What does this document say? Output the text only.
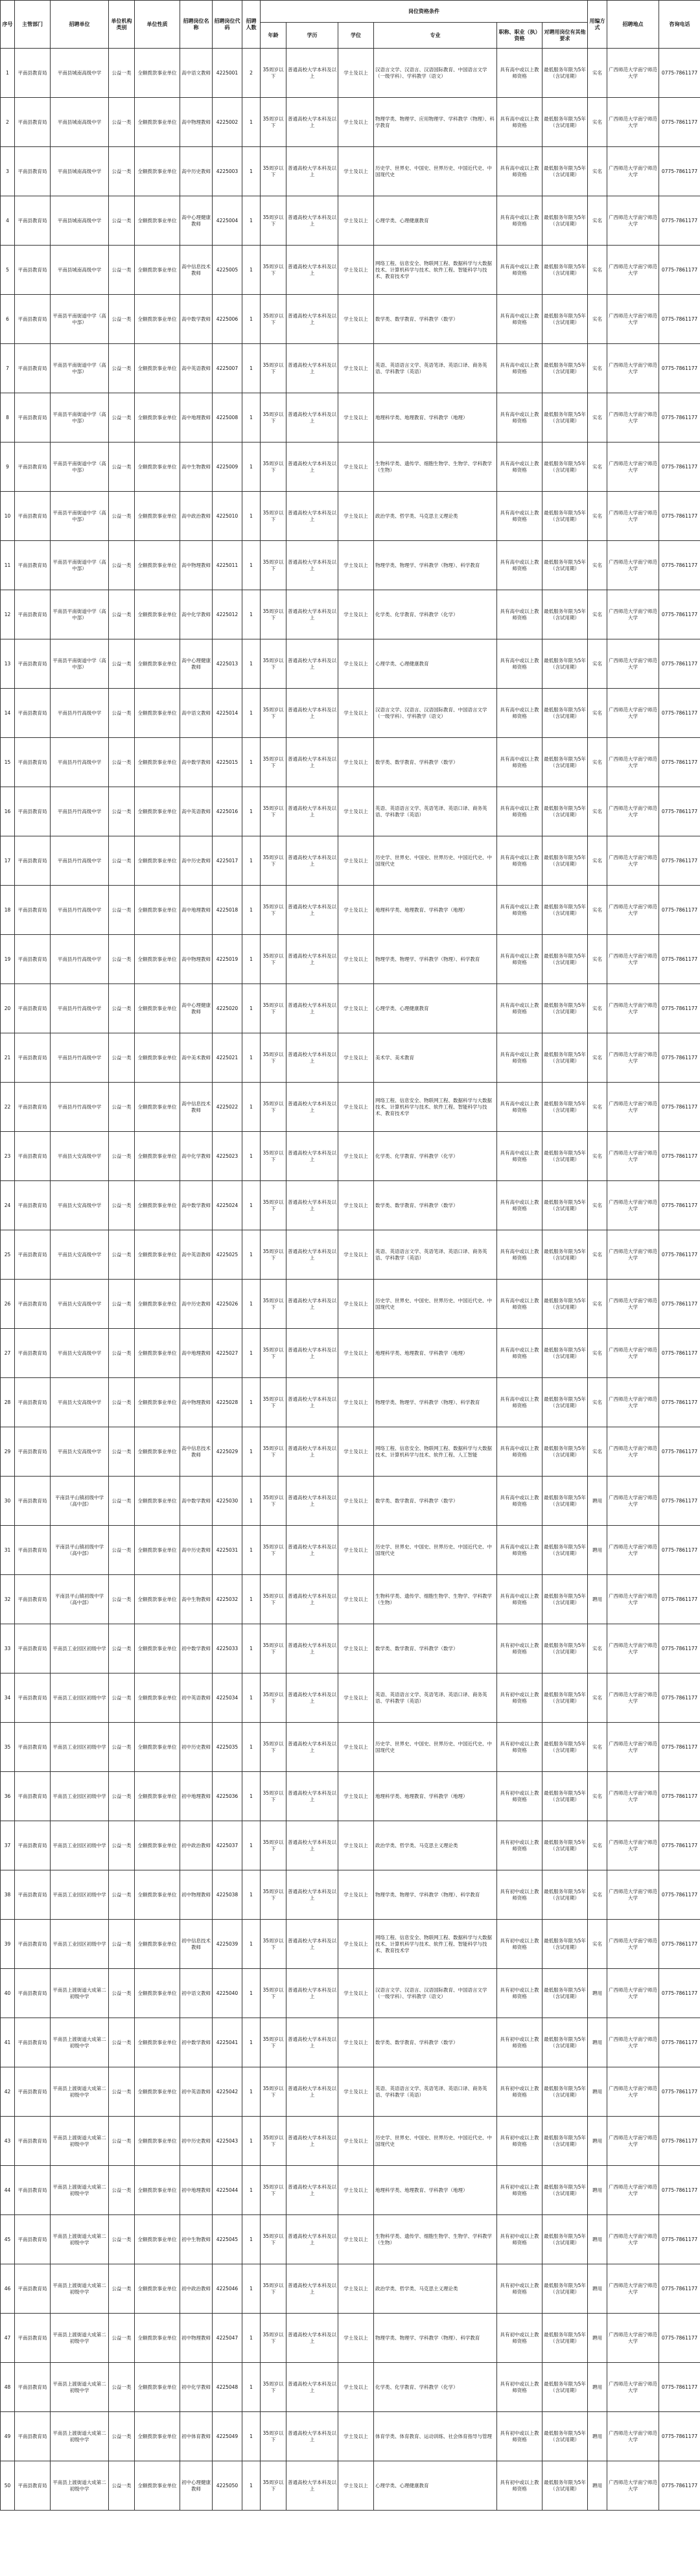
序号	主管部门	招聘单位	单位机构类别	单位性质	招聘岗位名称	招聘岗位代码	招聘人数	岗位资格条件						用编方式	招聘地点	咨询电话
								年龄	学历	学位	专业	职称、职业（执）资格	对聘用岗位有其他要求			
1	平南县教育局	平南县城南高级中学	公益一类	全额拨款事业单位	高中语文教师	4225001	2	35周岁以下	普通高校大学本科及以上	学士及以上	汉语言文学、汉语言、汉语国际教育、中国语言文学（一级学科）、学科教学（语文）	具有高中或以上教师资格	最低服务年限为5年（含试用期）	实名	广西师范大学南宁师范大学	0775-7861177
2	平南县教育局	平南县城南高级中学	公益一类	全额拨款事业单位	高中物理教师	4225002	1	35周岁以下	普通高校大学本科及以上	学士及以上	物理学类、物理学、应用物理学、学科教学（物理）、科学教育	具有高中或以上教师资格	最低服务年限为5年（含试用期）	实名	广西师范大学南宁师范大学	0775-7861177
3	平南县教育局	平南县城南高级中学	公益一类	全额拨款事业单位	高中历史教师	4225003	1	35周岁以下	普通高校大学本科及以上	学士及以上	历史学、世界史、中国史、世界历史、中国近代史、中国现代史	具有高中或以上教师资格	最低服务年限为5年（含试用期）	实名	广西师范大学南宁师范大学	0775-7861177
4	平南县教育局	平南县城南高级中学	公益一类	全额拨款事业单位	高中心理健康教师	4225004	1	35周岁以下	普通高校大学本科及以上	学士及以上	心理学类、心理健康教育	具有高中或以上教师资格	最低服务年限为5年（含试用期）	实名	广西师范大学南宁师范大学	0775-7861177
5	平南县教育局	平南县城南高级中学	公益一类	全额拨款事业单位	高中信息技术教师	4225005	1	35周岁以下	普通高校大学本科及以上	学士及以上	网络工程、信息安全、物联网工程、数据科学与大数据技术、计算机科学与技术、软件工程、智能科学与技术、教育技术学	具有高中或以上教师资格	最低服务年限为5年（含试用期）	实名	广西师范大学南宁师范大学	0775-7861177
6	平南县教育局	平南县平南街道中学（高中部）	公益一类	全额拨款事业单位	高中数学教师	4225006	1	35周岁以下	普通高校大学本科及以上	学士及以上	数学类、数学教育、学科教学（数学）	具有高中或以上教师资格	最低服务年限为5年（含试用期）	实名	广西师范大学南宁师范大学	0775-7861177
7	平南县教育局	平南县平南街道中学（高中部）	公益一类	全额拨款事业单位	高中英语教师	4225007	1	35周岁以下	普通高校大学本科及以上	学士及以上	英语、英语语言文学、英语笔译、英语口译、商务英语、学科教学（英语）	具有高中或以上教师资格	最低服务年限为5年（含试用期）	实名	广西师范大学南宁师范大学	0775-7861177
8	平南县教育局	平南县平南街道中学（高中部）	公益一类	全额拨款事业单位	高中地理教师	4225008	1	35周岁以下	普通高校大学本科及以上	学士及以上	地理科学类、地理教育、学科教学（地理）	具有高中或以上教师资格	最低服务年限为5年（含试用期）	实名	广西师范大学南宁师范大学	0775-7861177
9	平南县教育局	平南县平南街道中学（高中部）	公益一类	全额拨款事业单位	高中生物教师	4225009	1	35周岁以下	普通高校大学本科及以上	学士及以上	生物科学类、遗传学、细胞生物学、生物学、学科教学（生物）	具有高中或以上教师资格	最低服务年限为5年（含试用期）	实名	广西师范大学南宁师范大学	0775-7861177
10	平南县教育局	平南县平南街道中学（高中部）	公益一类	全额拨款事业单位	高中政治教师	4225010	1	35周岁以下	普通高校大学本科及以上	学士及以上	政治学类、哲学类、马克思主义理论类	具有高中或以上教师资格	最低服务年限为5年（含试用期）	实名	广西师范大学南宁师范大学	0775-7861177
11	平南县教育局	平南县平南街道中学（高中部）	公益一类	全额拨款事业单位	高中物理教师	4225011	1	35周岁以下	普通高校大学本科及以上	学士及以上	物理学类、物理学、学科教学（物理）、科学教育	具有高中或以上教师资格	最低服务年限为5年（含试用期）	实名	广西师范大学南宁师范大学	0775-7861177
12	平南县教育局	平南县平南街道中学（高中部）	公益一类	全额拨款事业单位	高中化学教师	4225012	1	35周岁以下	普通高校大学本科及以上	学士及以上	化学类、化学教育、学科教学（化学）	具有高中或以上教师资格	最低服务年限为5年（含试用期）	实名	广西师范大学南宁师范大学	0775-7861177
13	平南县教育局	平南县平南街道中学（高中部）	公益一类	全额拨款事业单位	高中心理健康教师	4225013	1	35周岁以下	普通高校大学本科及以上	学士及以上	心理学类、心理健康教育	具有高中或以上教师资格	最低服务年限为5年（含试用期）	实名	广西师范大学南宁师范大学	0775-7861177
14	平南县教育局	平南县丹竹高级中学	公益一类	全额拨款事业单位	高中语文教师	4225014	1	35周岁以下	普通高校大学本科及以上	学士及以上	汉语言文学、汉语言、汉语国际教育、中国语言文学（一级学科）、学科教学（语文）	具有高中或以上教师资格	最低服务年限为5年（含试用期）	实名	广西师范大学南宁师范大学	0775-7861177
15	平南县教育局	平南县丹竹高级中学	公益一类	全额拨款事业单位	高中数学教师	4225015	1	35周岁以下	普通高校大学本科及以上	学士及以上	数学类、数学教育、学科教学（数学）	具有高中或以上教师资格	最低服务年限为5年（含试用期）	实名	广西师范大学南宁师范大学	0775-7861177
16	平南县教育局	平南县丹竹高级中学	公益一类	全额拨款事业单位	高中英语教师	4225016	1	35周岁以下	普通高校大学本科及以上	学士及以上	英语、英语语言文学、英语笔译、英语口译、商务英语、学科教学（英语）	具有高中或以上教师资格	最低服务年限为5年（含试用期）	实名	广西师范大学南宁师范大学	0775-7861177
17	平南县教育局	平南县丹竹高级中学	公益一类	全额拨款事业单位	高中历史教师	4225017	1	35周岁以下	普通高校大学本科及以上	学士及以上	历史学、世界史、中国史、世界历史、中国近代史、中国现代史	具有高中或以上教师资格	最低服务年限为5年（含试用期）	实名	广西师范大学南宁师范大学	0775-7861177
18	平南县教育局	平南县丹竹高级中学	公益一类	全额拨款事业单位	高中地理教师	4225018	1	35周岁以下	普通高校大学本科及以上	学士及以上	地理科学类、地理教育、学科教学（地理）	具有高中或以上教师资格	最低服务年限为5年（含试用期）	实名	广西师范大学南宁师范大学	0775-7861177
19	平南县教育局	平南县丹竹高级中学	公益一类	全额拨款事业单位	高中物理教师	4225019	1	35周岁以下	普通高校大学本科及以上	学士及以上	物理学类、物理学、学科教学（物理）、科学教育	具有高中或以上教师资格	最低服务年限为5年（含试用期）	实名	广西师范大学南宁师范大学	0775-7861177
20	平南县教育局	平南县丹竹高级中学	公益一类	全额拨款事业单位	高中心理健康教师	4225020	1	35周岁以下	普通高校大学本科及以上	学士及以上	心理学类、心理健康教育	具有高中或以上教师资格	最低服务年限为5年（含试用期）	实名	广西师范大学南宁师范大学	0775-7861177
21	平南县教育局	平南县丹竹高级中学	公益一类	全额拨款事业单位	高中美术教师	4225021	1	35周岁以下	普通高校大学本科及以上	学士及以上	美术学、美术教育	具有高中或以上教师资格	最低服务年限为5年（含试用期）	实名	广西师范大学南宁师范大学	0775-7861177
22	平南县教育局	平南县丹竹高级中学	公益一类	全额拨款事业单位	高中信息技术教师	4225022	1	35周岁以下	普通高校大学本科及以上	学士及以上	网络工程、信息安全、物联网工程、数据科学与大数据技术、计算机科学与技术、软件工程、智能科学与技术、教育技术学	具有高中或以上教师资格	最低服务年限为5年（含试用期）	实名	广西师范大学南宁师范大学	0775-7861177
23	平南县教育局	平南县大安高级中学	公益一类	全额拨款事业单位	高中化学教师	4225023	1	35周岁以下	普通高校大学本科及以上	学士及以上	化学类、化学教育、学科教学（化学）	具有高中或以上教师资格	最低服务年限为5年（含试用期）	实名	广西师范大学南宁师范大学	0775-7861177
24	平南县教育局	平南县大安高级中学	公益一类	全额拨款事业单位	高中数学教师	4225024	1	35周岁以下	普通高校大学本科及以上	学士及以上	数学类、数学教育、学科教学（数学）	具有高中或以上教师资格	最低服务年限为5年（含试用期）	实名	广西师范大学南宁师范大学	0775-7861177
25	平南县教育局	平南县大安高级中学	公益一类	全额拨款事业单位	高中英语教师	4225025	1	35周岁以下	普通高校大学本科及以上	学士及以上	英语、英语语言文学、英语笔译、英语口译、商务英语、学科教学（英语）	具有高中或以上教师资格	最低服务年限为5年（含试用期）	实名	广西师范大学南宁师范大学	0775-7861177
26	平南县教育局	平南县大安高级中学	公益一类	全额拨款事业单位	高中历史教师	4225026	1	35周岁以下	普通高校大学本科及以上	学士及以上	历史学、世界史、中国史、世界历史、中国近代史、中国现代史	具有高中或以上教师资格	最低服务年限为5年（含试用期）	实名	广西师范大学南宁师范大学	0775-7861177
27	平南县教育局	平南县大安高级中学	公益一类	全额拨款事业单位	高中地理教师	4225027	1	35周岁以下	普通高校大学本科及以上	学士及以上	地理科学类、地理教育、学科教学（地理）	具有高中或以上教师资格	最低服务年限为5年（含试用期）	实名	广西师范大学南宁师范大学	0775-7861177
28	平南县教育局	平南县大安高级中学	公益一类	全额拨款事业单位	高中物理教师	4225028	1	35周岁以下	普通高校大学本科及以上	学士及以上	物理学类、物理学、学科教学（物理）、科学教育	具有高中或以上教师资格	最低服务年限为5年（含试用期）	实名	广西师范大学南宁师范大学	0775-7861177
29	平南县教育局	平南县大安高级中学	公益一类	全额拨款事业单位	高中信息技术教师	4225029	1	35周岁以下	普通高校大学本科及以上	学士及以上	网络工程、信息安全、物联网工程、数据科学与大数据技术、计算机科学与技术、软件工程、人工智能	具有高中或以上教师资格	最低服务年限为5年（含试用期）	实名	广西师范大学南宁师范大学	0775-7861177
30	平南县教育局	平南县平山镇初级中学（高中部）	公益一类	全额拨款事业单位	高中数学教师	4225030	1	35周岁以下	普通高校大学本科及以上	学士及以上	数学类、数学教育、学科教学（数学）	具有高中或以上教师资格	最低服务年限为5年（含试用期）	聘用	广西师范大学南宁师范大学	0775-7861177
31	平南县教育局	平南县平山镇初级中学（高中部）	公益一类	全额拨款事业单位	高中历史教师	4225031	1	35周岁以下	普通高校大学本科及以上	学士及以上	历史学、世界史、中国史、世界历史、中国近代史、中国现代史	具有高中或以上教师资格	最低服务年限为5年（含试用期）	聘用	广西师范大学南宁师范大学	0775-7861177
32	平南县教育局	平南县平山镇初级中学（高中部）	公益一类	全额拨款事业单位	高中生物教师	4225032	1	35周岁以下	普通高校大学本科及以上	学士及以上	生物科学类、遗传学、细胞生物学、生物学、学科教学（生物）	具有高中或以上教师资格	最低服务年限为5年（含试用期）	聘用	广西师范大学南宁师范大学	0775-7861177
33	平南县教育局	平南县工业园区初级中学	公益一类	全额拨款事业单位	初中数学教师	4225033	1	35周岁以下	普通高校大学本科及以上	学士及以上	数学类、数学教育、学科教学（数学）	具有初中或以上教师资格	最低服务年限为5年（含试用期）	实名	广西师范大学南宁师范大学	0775-7861177
34	平南县教育局	平南县工业园区初级中学	公益一类	全额拨款事业单位	初中英语教师	4225034	1	35周岁以下	普通高校大学本科及以上	学士及以上	英语、英语语言文学、英语笔译、英语口译、商务英语、学科教学（英语）	具有初中或以上教师资格	最低服务年限为5年（含试用期）	实名	广西师范大学南宁师范大学	0775-7861177
35	平南县教育局	平南县工业园区初级中学	公益一类	全额拨款事业单位	初中历史教师	4225035	1	35周岁以下	普通高校大学本科及以上	学士及以上	历史学、世界史、中国史、世界历史、中国近代史、中国现代史	具有初中或以上教师资格	最低服务年限为5年（含试用期）	实名	广西师范大学南宁师范大学	0775-7861177
36	平南县教育局	平南县工业园区初级中学	公益一类	全额拨款事业单位	初中地理教师	4225036	1	35周岁以下	普通高校大学本科及以上	学士及以上	地理科学类、地理教育、学科教学（地理）	具有初中或以上教师资格	最低服务年限为5年（含试用期）	实名	广西师范大学南宁师范大学	0775-7861177
37	平南县教育局	平南县工业园区初级中学	公益一类	全额拨款事业单位	初中政治教师	4225037	1	35周岁以下	普通高校大学本科及以上	学士及以上	政治学类、哲学类、马克思主义理论类	具有初中或以上教师资格	最低服务年限为5年（含试用期）	实名	广西师范大学南宁师范大学	0775-7861177
38	平南县教育局	平南县工业园区初级中学	公益一类	全额拨款事业单位	初中物理教师	4225038	1	35周岁以下	普通高校大学本科及以上	学士及以上	物理学类、物理学、学科教学（物理）、科学教育	具有初中或以上教师资格	最低服务年限为5年（含试用期）	实名	广西师范大学南宁师范大学	0775-7861177
39	平南县教育局	平南县工业园区初级中学	公益一类	全额拨款事业单位	初中信息技术教师	4225039	1	35周岁以下	普通高校大学本科及以上	学士及以上	网络工程、信息安全、物联网工程、数据科学与大数据技术、计算机科学与技术、软件工程、智能科学与技术、教育技术学	具有初中或以上教师资格	最低服务年限为5年（含试用期）	实名	广西师范大学南宁师范大学	0775-7861177
40	平南县教育局	平南县上渡街道大成第二初级中学	公益一类	全额拨款事业单位	初中语文教师	4225040	1	35周岁以下	普通高校大学本科及以上	学士及以上	汉语言文学、汉语言、汉语国际教育、中国语言文学（一级学科）、学科教学（语文）	具有初中或以上教师资格	最低服务年限为5年（含试用期）	聘用	广西师范大学南宁师范大学	0775-7861177
41	平南县教育局	平南县上渡街道大成第二初级中学	公益一类	全额拨款事业单位	初中数学教师	4225041	1	35周岁以下	普通高校大学本科及以上	学士及以上	数学类、数学教育、学科教学（数学）	具有初中或以上教师资格	最低服务年限为5年（含试用期）	聘用	广西师范大学南宁师范大学	0775-7861177
42	平南县教育局	平南县上渡街道大成第二初级中学	公益一类	全额拨款事业单位	初中英语教师	4225042	1	35周岁以下	普通高校大学本科及以上	学士及以上	英语、英语语言文学、英语笔译、英语口译、商务英语、学科教学（英语）	具有初中或以上教师资格	最低服务年限为5年（含试用期）	聘用	广西师范大学南宁师范大学	0775-7861177
43	平南县教育局	平南县上渡街道大成第二初级中学	公益一类	全额拨款事业单位	初中历史教师	4225043	1	35周岁以下	普通高校大学本科及以上	学士及以上	历史学、世界史、中国史、世界历史、中国近代史、中国现代史	具有初中或以上教师资格	最低服务年限为5年（含试用期）	聘用	广西师范大学南宁师范大学	0775-7861177
44	平南县教育局	平南县上渡街道大成第二初级中学	公益一类	全额拨款事业单位	初中地理教师	4225044	1	35周岁以下	普通高校大学本科及以上	学士及以上	地理科学类、地理教育、学科教学（地理）	具有初中或以上教师资格	最低服务年限为5年（含试用期）	聘用	广西师范大学南宁师范大学	0775-7861177
45	平南县教育局	平南县上渡街道大成第二初级中学	公益一类	全额拨款事业单位	初中生物教师	4225045	1	35周岁以下	普通高校大学本科及以上	学士及以上	生物科学类、遗传学、细胞生物学、生物学、学科教学（生物）	具有初中或以上教师资格	最低服务年限为5年（含试用期）	聘用	广西师范大学南宁师范大学	0775-7861177
46	平南县教育局	平南县上渡街道大成第二初级中学	公益一类	全额拨款事业单位	初中政治教师	4225046	1	35周岁以下	普通高校大学本科及以上	学士及以上	政治学类、哲学类、马克思主义理论类	具有初中或以上教师资格	最低服务年限为5年（含试用期）	聘用	广西师范大学南宁师范大学	0775-7861177
47	平南县教育局	平南县上渡街道大成第二初级中学	公益一类	全额拨款事业单位	初中物理教师	4225047	1	35周岁以下	普通高校大学本科及以上	学士及以上	物理学类、物理学、学科教学（物理）、科学教育	具有初中或以上教师资格	最低服务年限为5年（含试用期）	聘用	广西师范大学南宁师范大学	0775-7861177
48	平南县教育局	平南县上渡街道大成第二初级中学	公益一类	全额拨款事业单位	初中化学教师	4225048	1	35周岁以下	普通高校大学本科及以上	学士及以上	化学类、化学教育、学科教学（化学）	具有初中或以上教师资格	最低服务年限为5年（含试用期）	聘用	广西师范大学南宁师范大学	0775-7861177
49	平南县教育局	平南县上渡街道大成第二初级中学	公益一类	全额拨款事业单位	初中体育教师	4225049	1	35周岁以下	普通高校大学本科及以上	学士及以上	体育学类、体育教育、运动训练、社会体育指导与管理	具有初中或以上教师资格	最低服务年限为5年（含试用期）	聘用	广西师范大学南宁师范大学	0775-7861177
50	平南县教育局	平南县上渡街道大成第二初级中学	公益一类	全额拨款事业单位	初中心理健康教师	4225050	1	35周岁以下	普通高校大学本科及以上	学士及以上	心理学类、心理健康教育	具有初中或以上教师资格	最低服务年限为5年（含试用期）	聘用	广西师范大学南宁师范大学	0775-7861177
